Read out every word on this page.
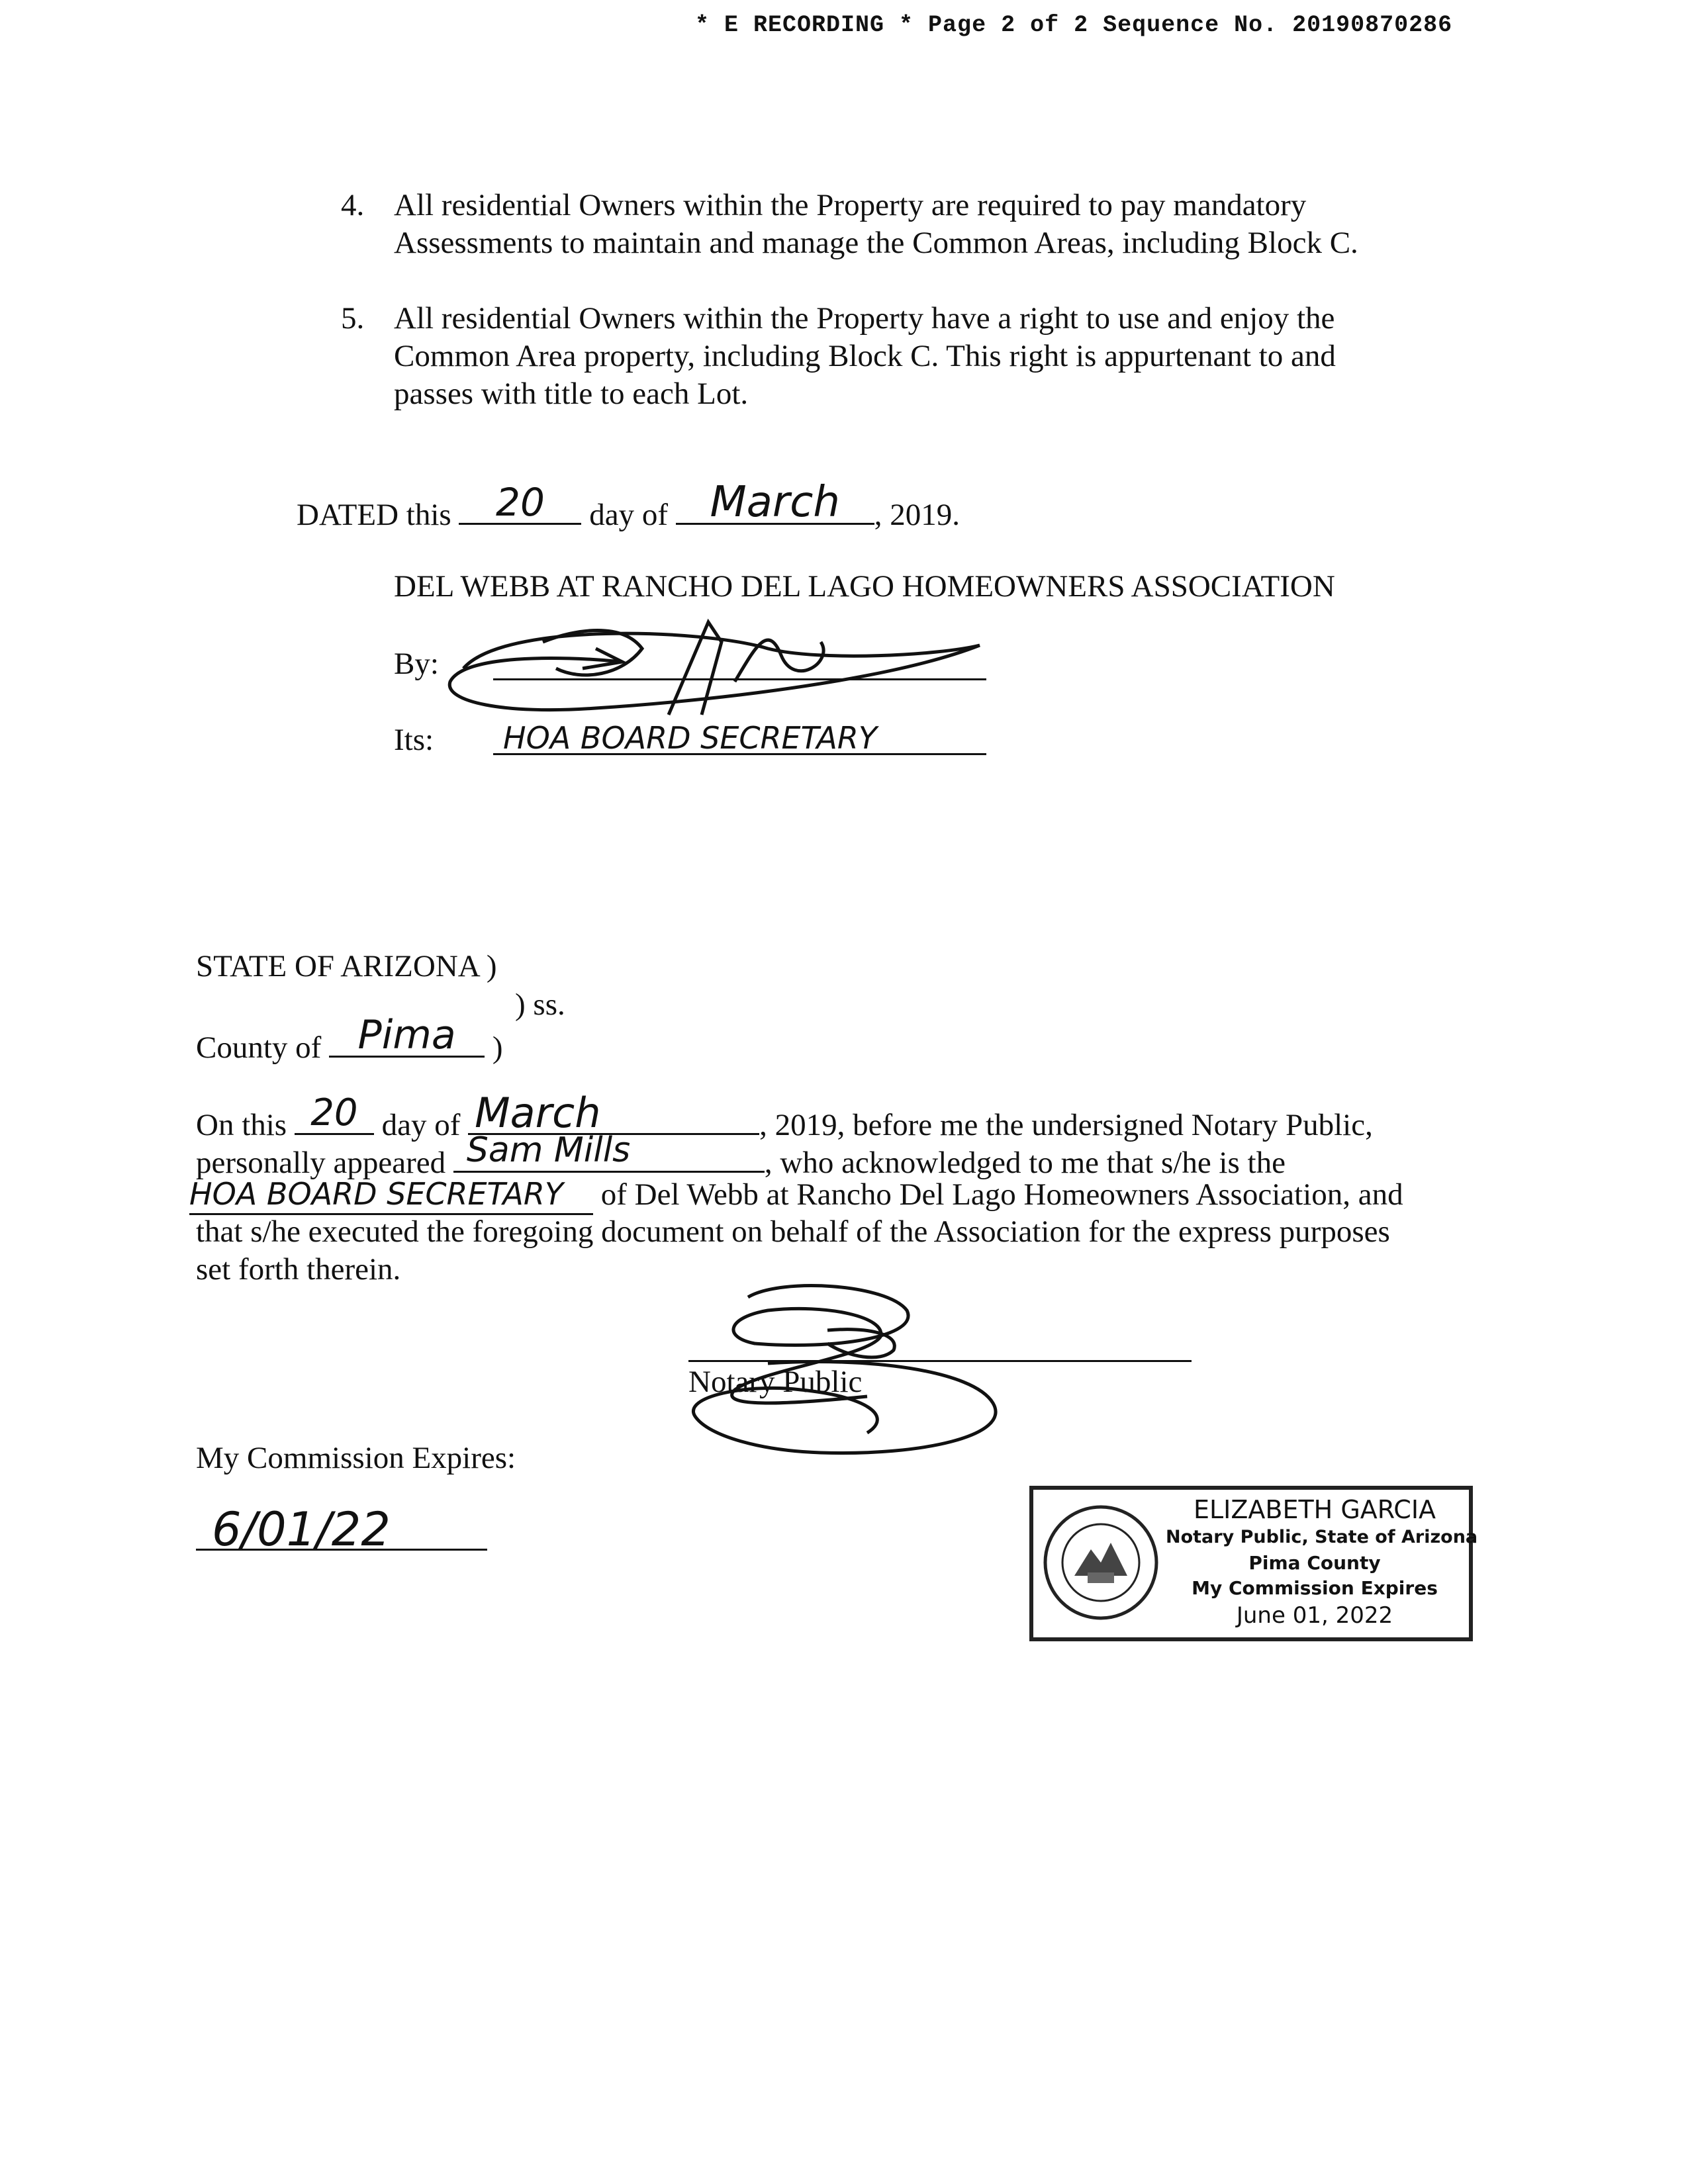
* E RECORDING * Page 2 of 2 Sequence No. 20190870286
4. All residential Owners within the Property are required to pay mandatory
Assessments to maintain and manage the Common Areas, including Block C.
5. All residential Owners within the Property have a right to use and enjoy the
Common Area property, including Block C. This right is appurtenant to and
passes with title to each Lot.
DATED this	20	day of March	, 2019.
DEL WEBB AT RANCHO DEL LAGO HOMEOWNERS ASSOCIATION
By:
Its: HOA BOARD SECRETARY
STATE OF ARIZONA )
) ss.
County of Pima	)
On this 20 day of March	, 2019, before me the undersigned Notary Public,
personally appeared Sam Mills	, who acknowledged to me that s/he is the
HOA BOARD SECRETARY of Del Webb at Rancho Del Lago Homeowners Association, and
that s/he executed the foregoing document on behalf of the Association for the express purposes
set forth therein.
Notary Public
My Commission Expires:
6/01/22	ELIZABETH GARCIA
Notary Public, State of Arizona
Pima County
My Commission Expires
June 01, 2022
